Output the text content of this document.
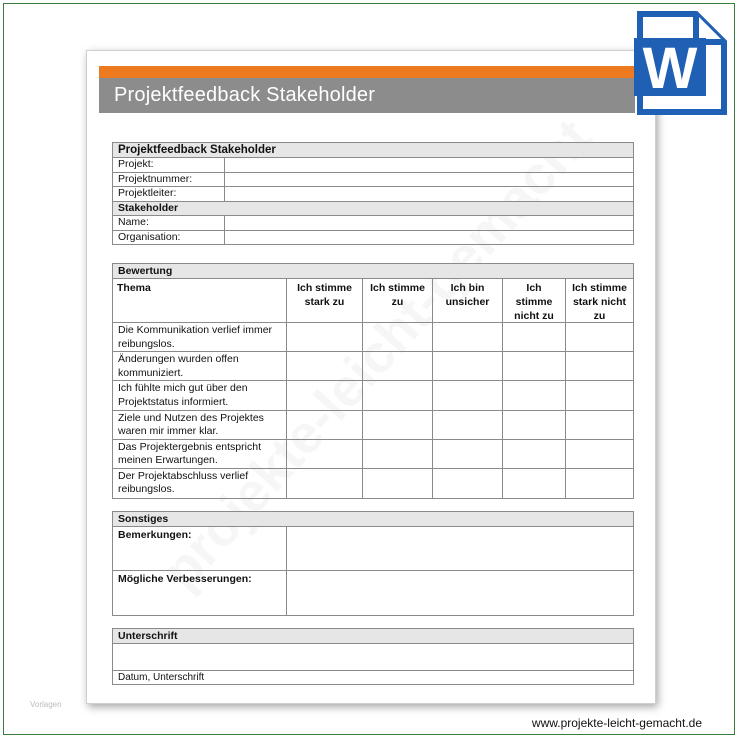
Projektfeedback Stakeholder
Projektfeedback Stakeholder
Projekt:
Projektnummer:
Projektleiter:
Stakeholder
Name:
Organisation:
Bewertung
Thema	Ich stimme stark zu
Ich stimme zu
Ich bin unsicher
Ich stimme nicht zu
Ich stimme stark nicht zu
Die Kommunikation verlief immer reibungslos.
Änderungen wurden offen kommuniziert.
Ich fühlte mich gut über den Projektstatus informiert.
Ziele und Nutzen des Projektes waren mir immer klar.
Das Projektergebnis entspricht meinen Erwartungen.
Der Projektabschluss verlief reibungslos.
Sonstiges
Bemerkungen:
Mögliche Verbesserungen:
Unterschrift
Datum, Unterschrift
W
Vorlagen
www.projekte-leicht-gemacht.de
